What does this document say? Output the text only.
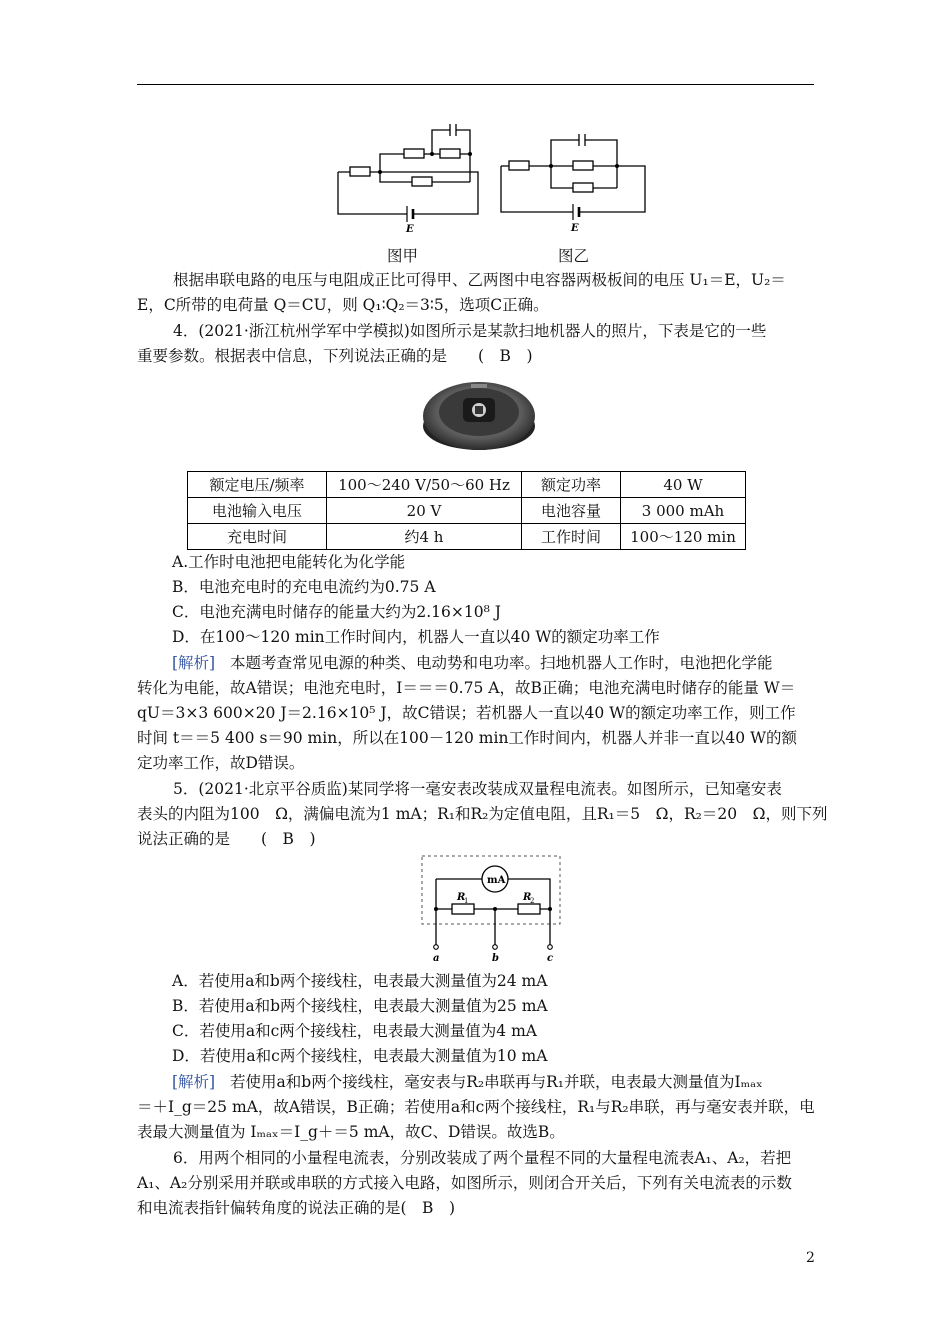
E	E
图甲	图乙
根据串联电路的电压与电阻成正比可得甲、乙两图中电容器两极板间的电压 U₁＝E，U₂＝
E，C所带的电荷量 Q＝CU，则 Q₁∶Q₂＝3∶5，选项C正确。
4．(2021·浙江杭州学军中学模拟)如图所示是某款扫地机器人的照片，下表是它的一些
重要参数。根据表中信息，下列说法正确的是　　(　B　)
额定电压/频率	100～240 V/50～60 Hz	额定功率	40 W
电池输入电压	20 V	电池容量	3 000 mAh
充电时间	约4 h	工作时间	100～120 min
A.工作时电池把电能转化为化学能
B．电池充电时的充电电流约为0.75 A
C．电池充满电时储存的能量大约为2.16×10⁸ J
D．在100～120 min工作时间内，机器人一直以40 W的额定功率工作
[解析] 本题考查常见电源的种类、电动势和电功率。扫地机器人工作时，电池把化学能
转化为电能，故A错误；电池充电时，I＝＝＝0.75 A，故B正确；电池充满电时储存的能量 W＝
qU＝3×3 600×20 J＝2.16×10⁵ J，故C错误；若机器人一直以40 W的额定功率工作，则工作
时间 t＝＝5 400 s＝90 min，所以在100－120 min工作时间内，机器人并非一直以40 W的额
定功率工作，故D错误。
5．(2021·北京平谷质监)某同学将一毫安表改装成双量程电流表。如图所示，已知毫安表
表头的内阻为100　Ω，满偏电流为1 mA；R₁和R₂为定值电阻，且R₁＝5　Ω，R₂＝20　Ω，则下列
说法正确的是　　(　B　)
mA
R
1	R
2
a	b	c
A．若使用a和b两个接线柱，电表最大测量值为24 mA
B．若使用a和b两个接线柱，电表最大测量值为25 mA
C．若使用a和c两个接线柱，电表最大测量值为4 mA
D．若使用a和c两个接线柱，电表最大测量值为10 mA
[解析] 若使用a和b两个接线柱，毫安表与R₂串联再与R₁并联，电表最大测量值为Iₘₐₓ
＝＋I_g＝25 mA，故A错误，B正确；若使用a和c两个接线柱，R₁与R₂串联，再与毫安表并联，电
表最大测量值为 Iₘₐₓ＝I_g＋＝5 mA，故C、D错误。故选B。
6．用两个相同的小量程电流表，分别改装成了两个量程不同的大量程电流表A₁、A₂，若把
A₁、A₂分别采用并联或串联的方式接入电路，如图所示，则闭合开关后，下列有关电流表的示数
和电流表指针偏转角度的说法正确的是(　B　)
2
